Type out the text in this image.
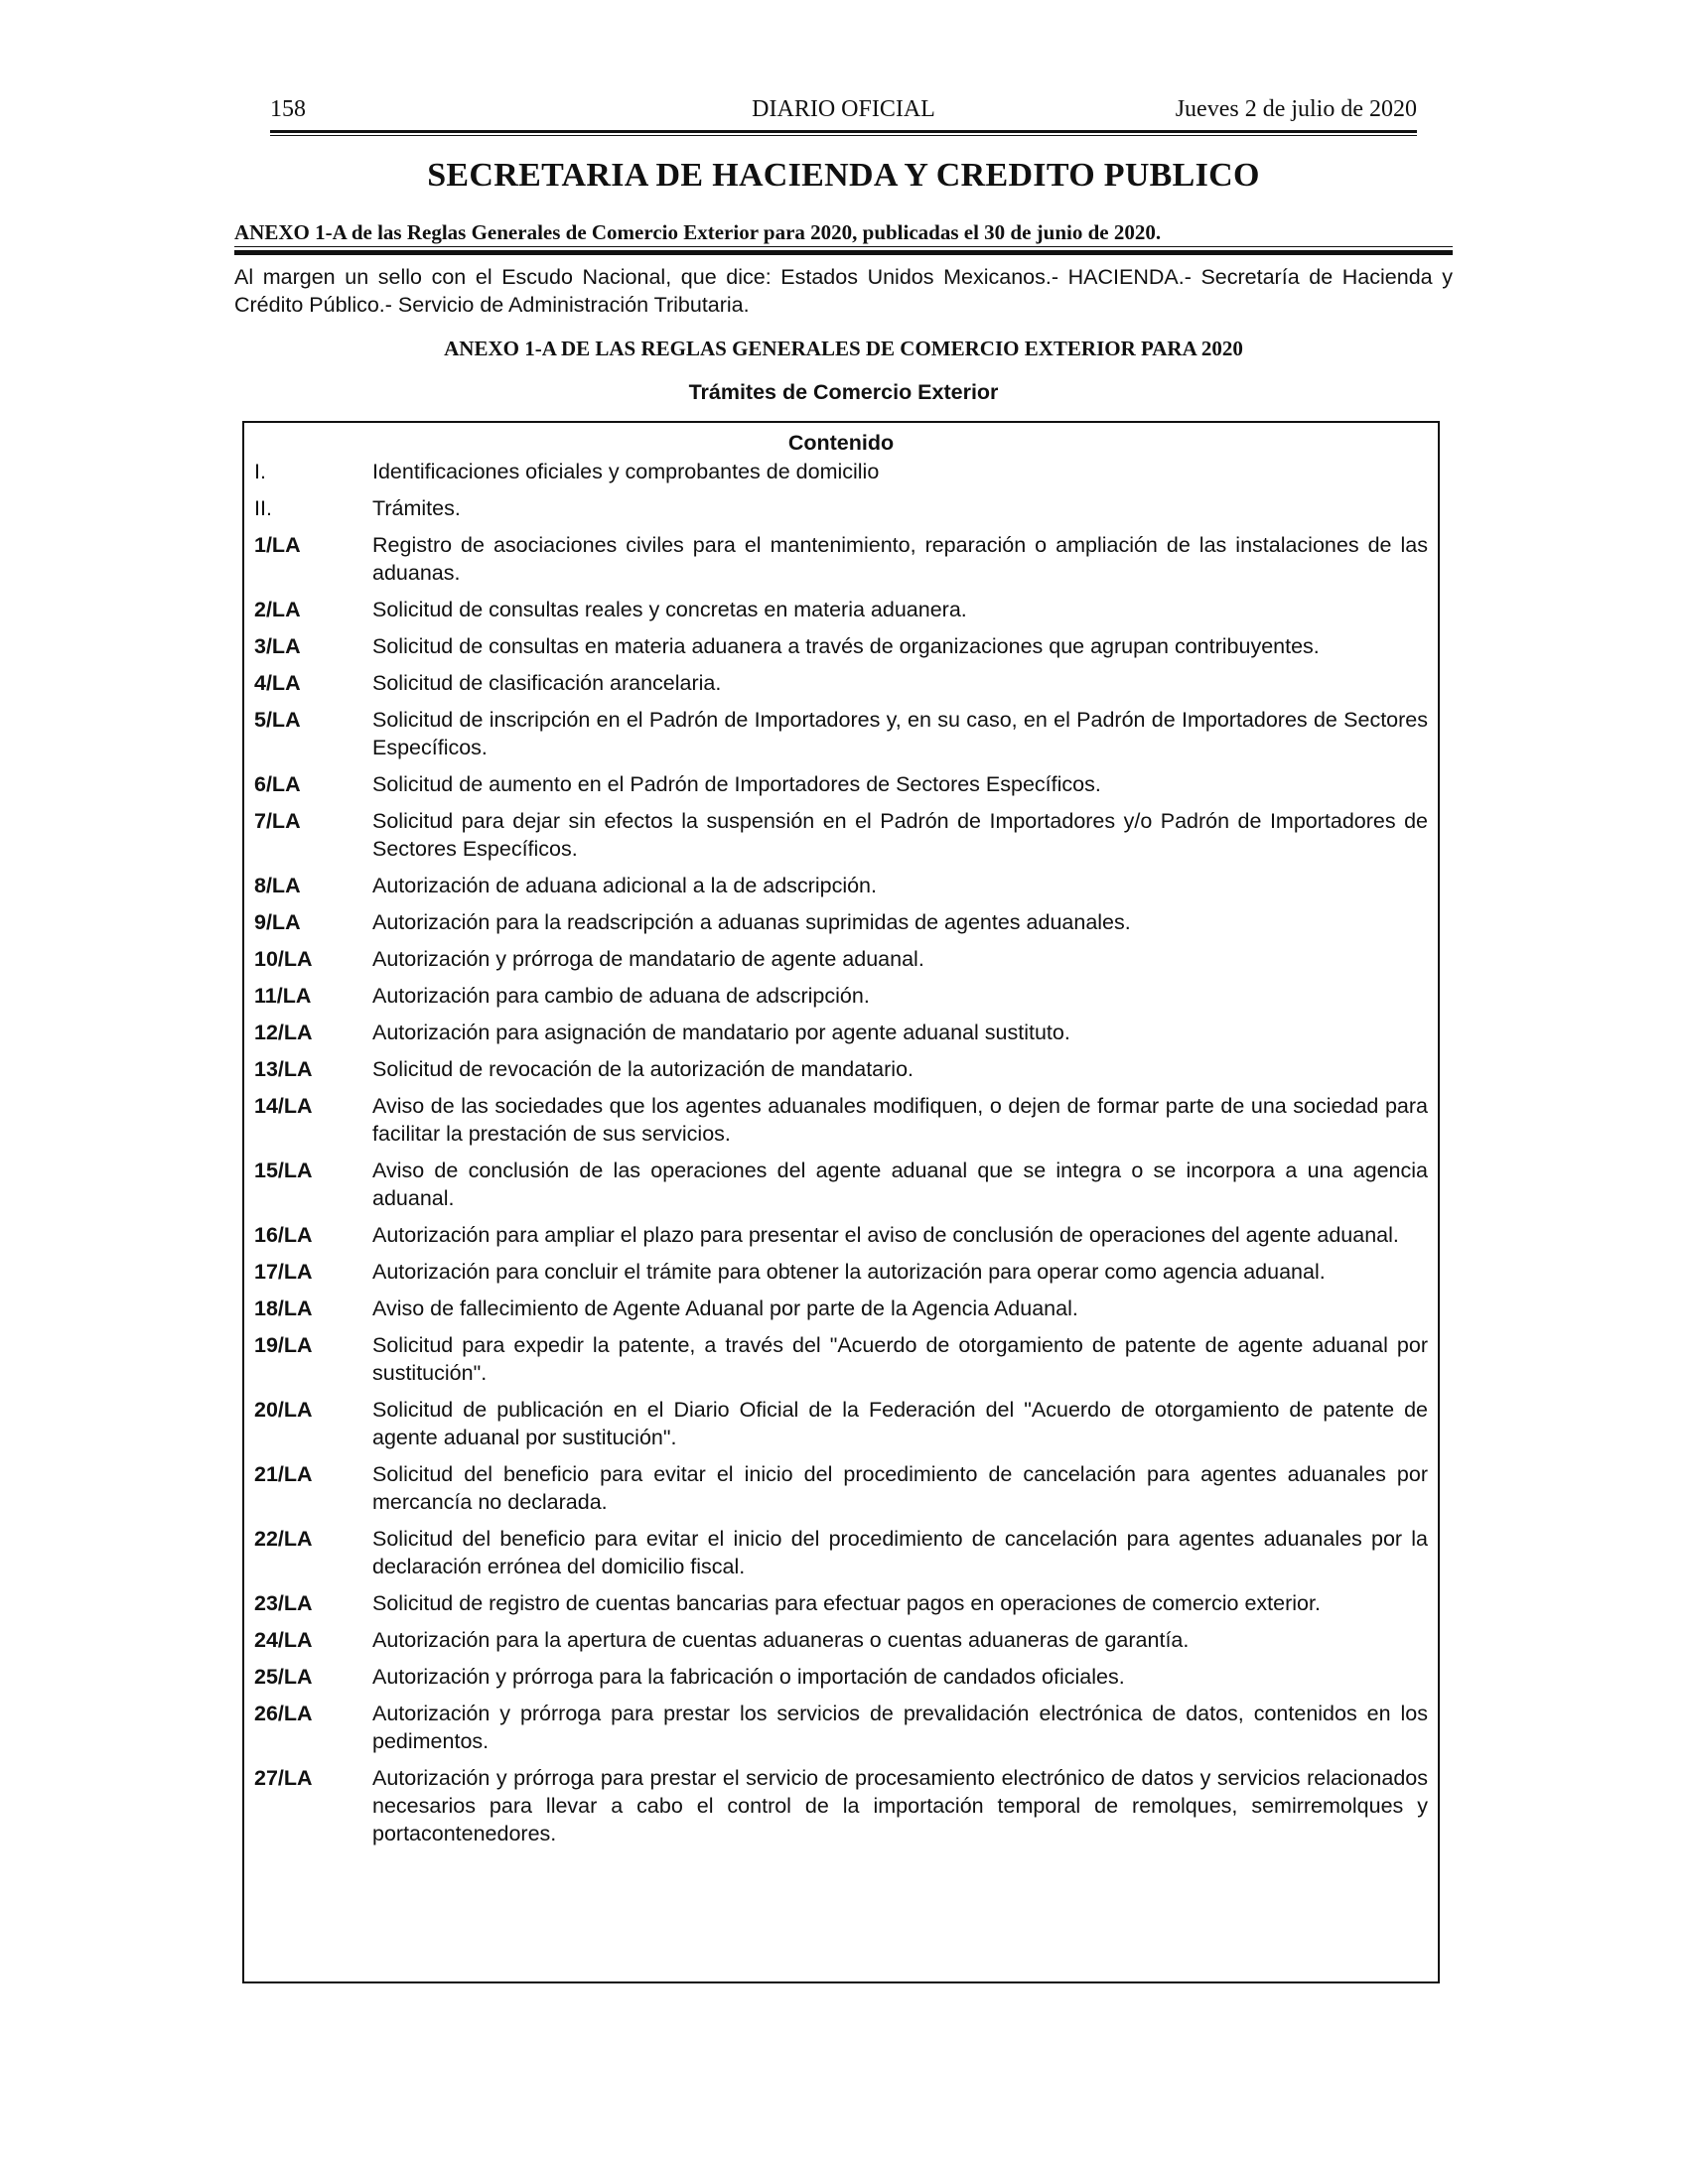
158	DIARIO OFICIAL	Jueves 2 de julio de 2020
SECRETARIA DE HACIENDA Y CREDITO PUBLICO
ANEXO 1-A de las Reglas Generales de Comercio Exterior para 2020, publicadas el 30 de junio de 2020.
Al margen un sello con el Escudo Nacional, que dice: Estados Unidos Mexicanos.- HACIENDA.- Secretaría de Hacienda y Crédito Público.- Servicio de Administración Tributaria.
ANEXO 1-A DE LAS REGLAS GENERALES DE COMERCIO EXTERIOR PARA 2020
Trámites de Comercio Exterior
Contenido
I.	Identificaciones oficiales y comprobantes de domicilio
II.	Trámites.
1/LA	Registro de asociaciones civiles para el mantenimiento, reparación o ampliación de las instalaciones de las aduanas.
2/LA	Solicitud de consultas reales y concretas en materia aduanera.
3/LA	Solicitud de consultas en materia aduanera a través de organizaciones que agrupan contribuyentes.
4/LA	Solicitud de clasificación arancelaria.
5/LA	Solicitud de inscripción en el Padrón de Importadores y, en su caso, en el Padrón de Importadores de Sectores Específicos.
6/LA	Solicitud de aumento en el Padrón de Importadores de Sectores Específicos.
7/LA	Solicitud para dejar sin efectos la suspensión en el Padrón de Importadores y/o Padrón de Importadores de Sectores Específicos.
8/LA	Autorización de aduana adicional a la de adscripción.
9/LA	Autorización para la readscripción a aduanas suprimidas de agentes aduanales.
10/LA	Autorización y prórroga de mandatario de agente aduanal.
11/LA	Autorización para cambio de aduana de adscripción.
12/LA	Autorización para asignación de mandatario por agente aduanal sustituto.
13/LA	Solicitud de revocación de la autorización de mandatario.
14/LA	Aviso de las sociedades que los agentes aduanales modifiquen, o dejen de formar parte de una sociedad para facilitar la prestación de sus servicios.
15/LA	Aviso de conclusión de las operaciones del agente aduanal que se integra o se incorpora a una agencia aduanal.
16/LA	Autorización para ampliar el plazo para presentar el aviso de conclusión de operaciones del agente aduanal.
17/LA	Autorización para concluir el trámite para obtener la autorización para operar como agencia aduanal.
18/LA	Aviso de fallecimiento de Agente Aduanal por parte de la Agencia Aduanal.
19/LA	Solicitud para expedir la patente, a través del "Acuerdo de otorgamiento de patente de agente aduanal por sustitución".
20/LA	Solicitud de publicación en el Diario Oficial de la Federación del "Acuerdo de otorgamiento de patente de agente aduanal por sustitución".
21/LA	Solicitud del beneficio para evitar el inicio del procedimiento de cancelación para agentes aduanales por mercancía no declarada.
22/LA	Solicitud del beneficio para evitar el inicio del procedimiento de cancelación para agentes aduanales por la declaración errónea del domicilio fiscal.
23/LA	Solicitud de registro de cuentas bancarias para efectuar pagos en operaciones de comercio exterior.
24/LA	Autorización para la apertura de cuentas aduaneras o cuentas aduaneras de garantía.
25/LA	Autorización y prórroga para la fabricación o importación de candados oficiales.
26/LA	Autorización y prórroga para prestar los servicios de prevalidación electrónica de datos, contenidos en los pedimentos.
27/LA	Autorización y prórroga para prestar el servicio de procesamiento electrónico de datos y servicios relacionados necesarios para llevar a cabo el control de la importación temporal de remolques, semirremolques y portacontenedores.
